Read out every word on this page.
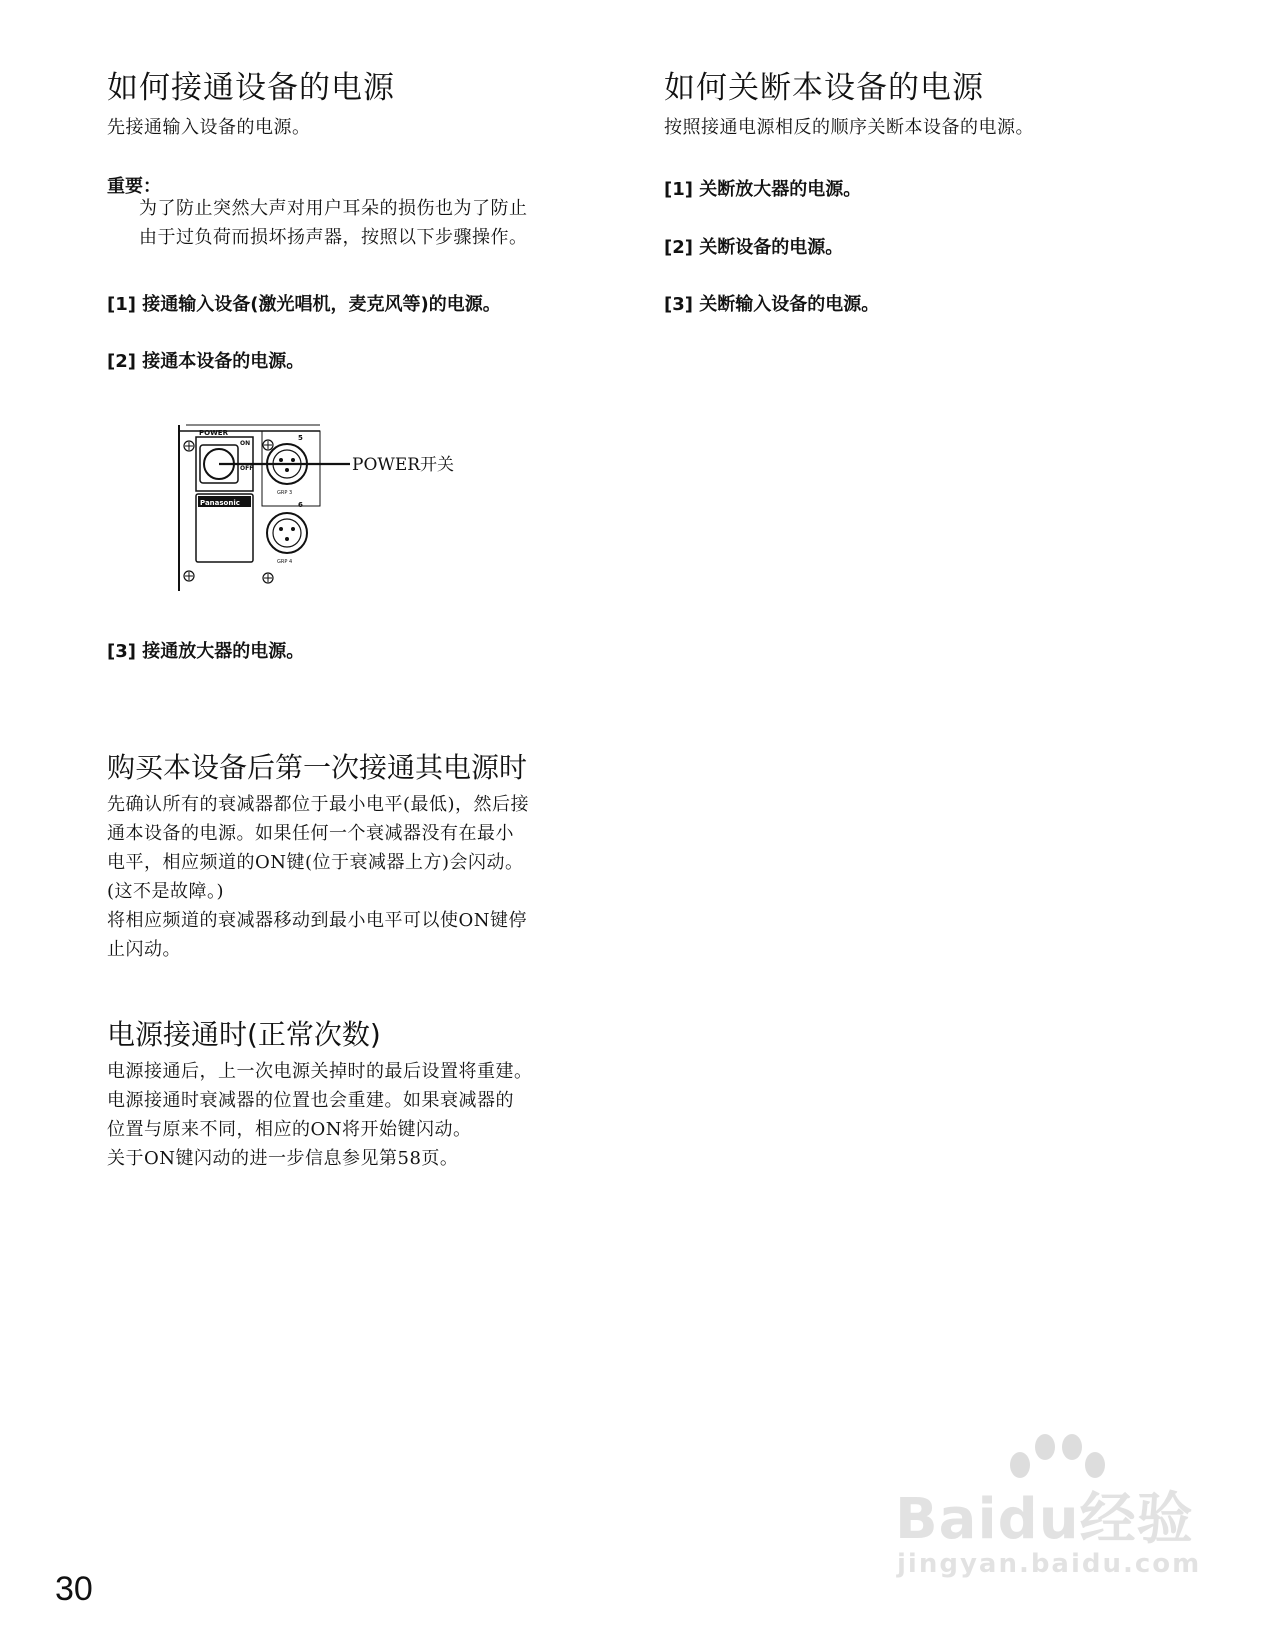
如何接通设备的电源
先接通输入设备的电源。
重要：
为了防止突然大声对用户耳朵的损伤也为了防止
由于过负荷而损坏扬声器，按照以下步骤操作。
[1] 接通输入设备(激光唱机，麦克风等)的电源。
[2] 接通本设备的电源。
[3] 接通放大器的电源。
购买本设备后第一次接通其电源时
先确认所有的衰减器都位于最小电平(最低)，然后接
通本设备的电源。如果任何一个衰减器没有在最小
电平，相应频道的ON键(位于衰减器上方)会闪动。
(这不是故障。)
将相应频道的衰减器移动到最小电平可以使ON键停
止闪动。
电源接通时(正常次数)
电源接通后，上一次电源关掉时的最后设置将重建。
电源接通时衰减器的位置也会重建。如果衰减器的
位置与原来不同，相应的ON将开始键闪动。
关于ON键闪动的进一步信息参见第58页。
如何关断本设备的电源
按照接通电源相反的顺序关断本设备的电源。
[1] 关断放大器的电源。
[2] 关断设备的电源。
[3] 关断输入设备的电源。
POWER
ON
OFF
Panasonic
5
GRP 3
6
GRP 4
POWER开关
30
Baidu经验
jingyan.baidu.com
